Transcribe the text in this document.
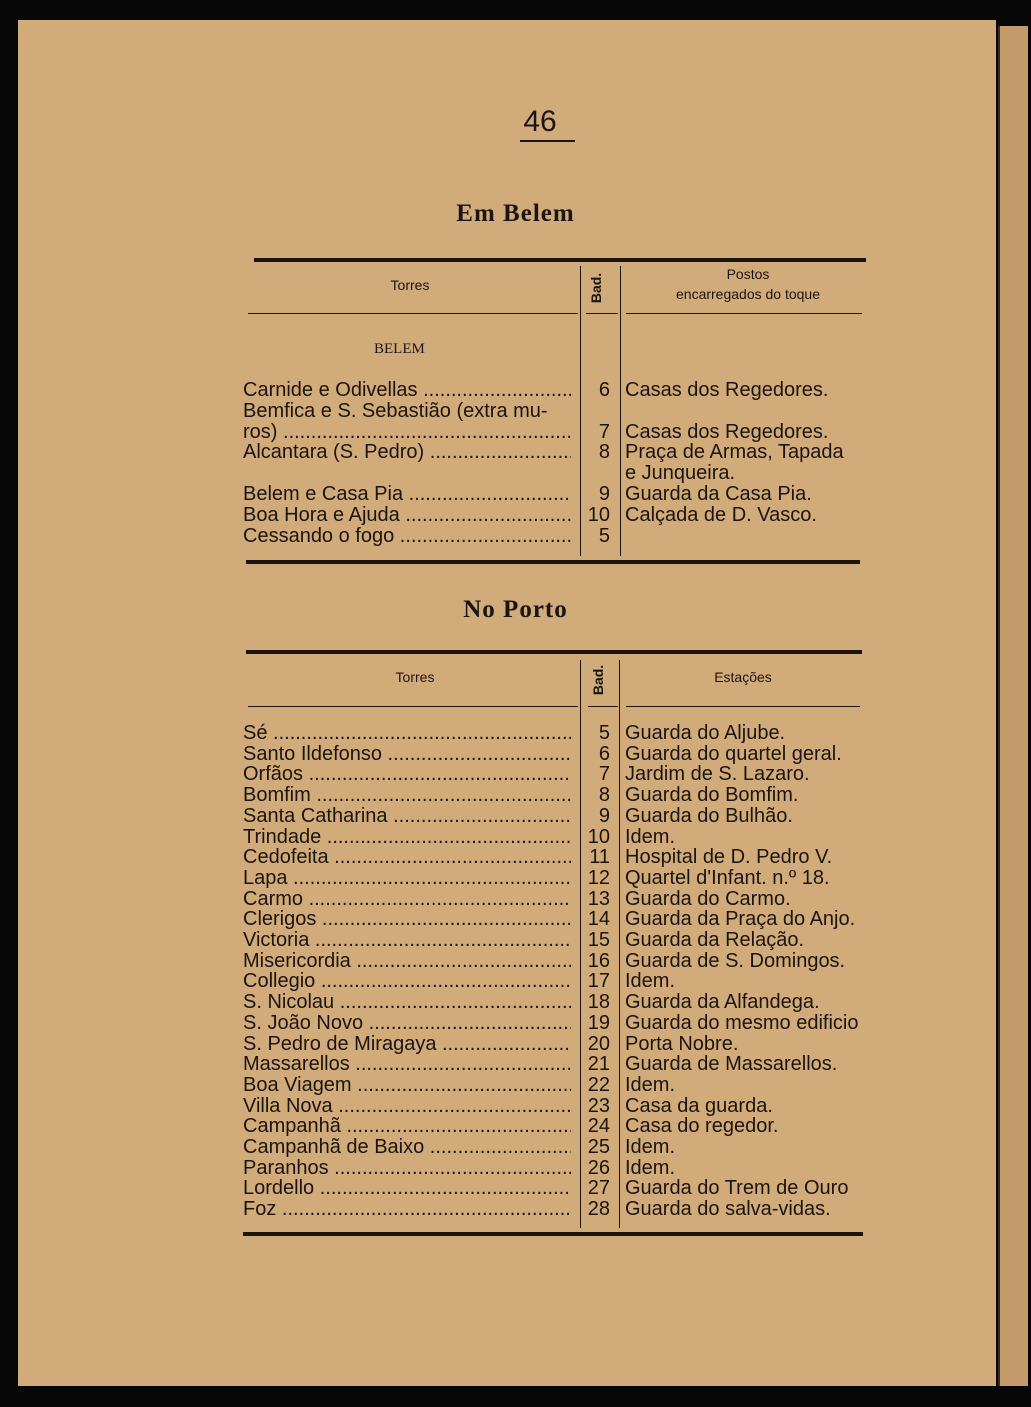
46
Em Belem
Torres	Bad.	Postos
encarregados do toque
BELEM
Carnide e Odivellas .....	6 Casas dos Regedores.
Bemfica e S. Sebastião (extra mu-
ros) .....	7 Casas dos Regedores.
Alcantara (S. Pedro) .....	8 Praça de Armas, Tapada
e Junqueira.
Belem e Casa Pia .....	9 Guarda da Casa Pia.
Boa Hora e Ajuda .....	10 Calçada de D. Vasco.
Cessando o fogo .....	5
No Porto
Torres	Bad.	Estações
Sé .....	5 Guarda do Aljube.
Santo Ildefonso .....	6 Guarda do quartel geral.
Orfãos .....	7 Jardim de S. Lazaro.
Bomfim .....	8 Guarda do Bomfim.
Santa Catharina .....	9 Guarda do Bulhão.
Trindade .....	10 Idem.
Cedofeita .....	11 Hospital de D. Pedro V.
Lapa .....	12 Quartel d'Infant. n.º 18.
Carmo .....	13 Guarda do Carmo.
Clerigos .....	14 Guarda da Praça do Anjo.
Victoria .....	15 Guarda da Relação.
Misericordia .....	16 Guarda de S. Domingos.
Collegio .....	17 Idem.
S. Nicolau .....	18 Guarda da Alfandega.
S. João Novo .....	19 Guarda do mesmo edificio
S. Pedro de Miragaya .....	20 Porta Nobre.
Massarellos .....	21 Guarda de Massarellos.
Boa Viagem .....	22 Idem.
Villa Nova .....	23 Casa da guarda.
Campanhã .....	24 Casa do regedor.
Campanhã de Baixo .....	25 Idem.
Paranhos .....	26 Idem.
Lordello .....	27 Guarda do Trem de Ouro
Foz .....	28 Guarda do salva-vidas.
